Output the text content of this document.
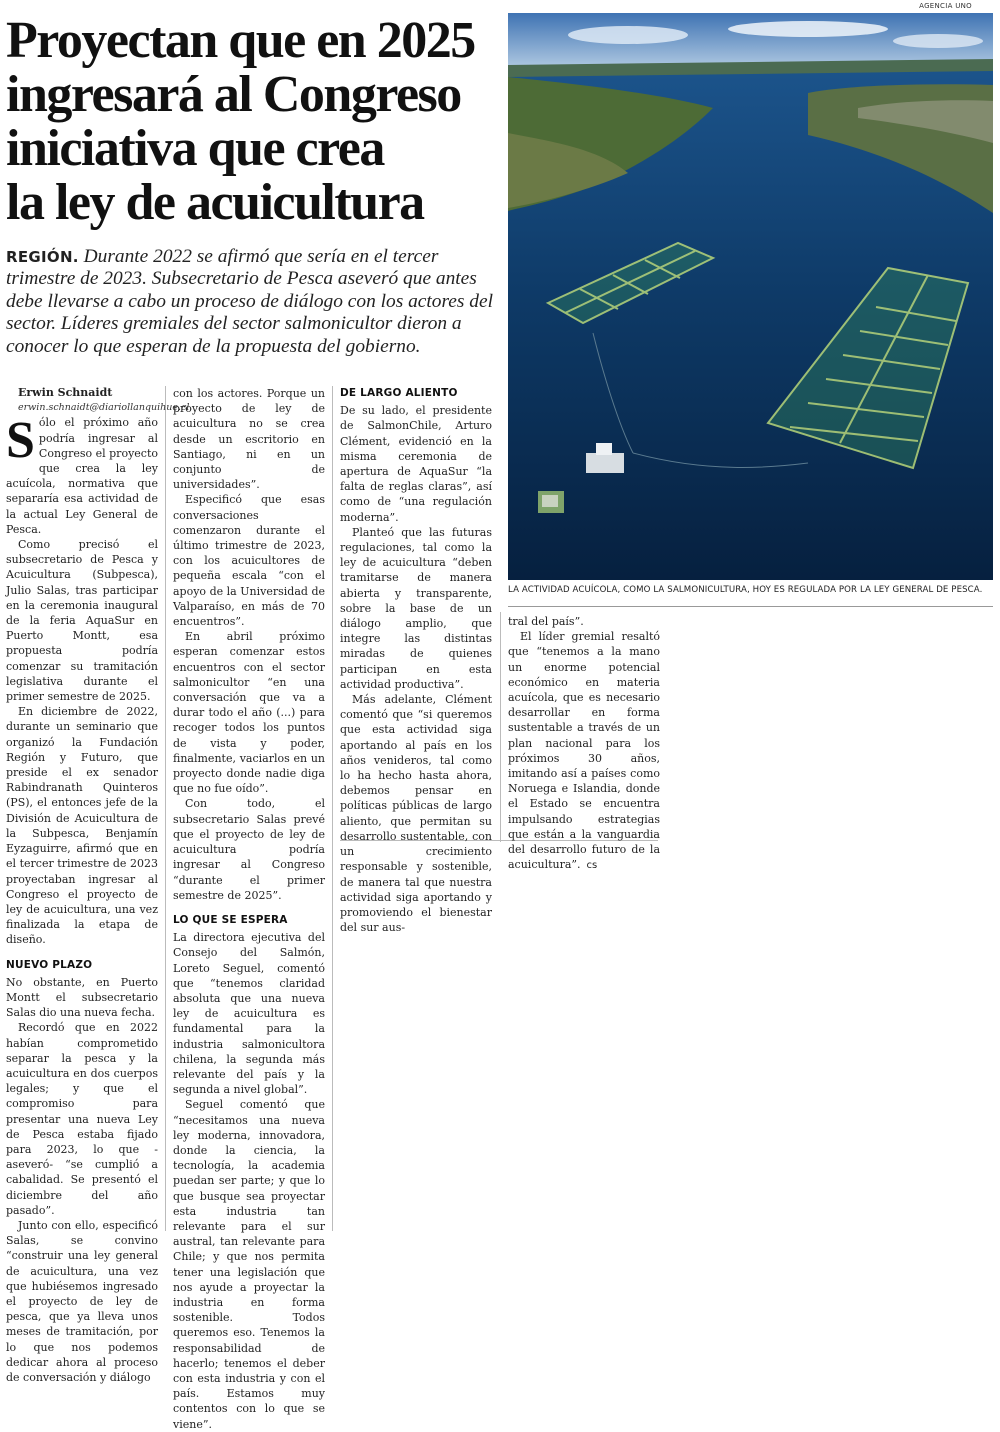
Proyectan que en 2025
ingresará al Congreso
iniciativa que crea
la ley de acuicultura

REGIÓN. Durante 2022 se afirmó que sería en el tercer trimestre de 2023. Subsecretario de Pesca aseveró que antes debe llevarse a cabo un proceso de diálogo con los actores del sector. Líderes gremiales del sector salmonicultor dieron a conocer lo que esperan de la propuesta del gobierno.

AGENCIA UNO
LA ACTIVIDAD ACUÍCOLA, COMO LA SALMONICULTURA, HOY ES REGULADA POR LA LEY GENERAL DE PESCA.

Erwin Schnaidt

erwin.schnaidt@diariollanquihue.cl

Sólo el próximo año podría ingresar al Congreso el proyecto que crea la ley acuícola, normativa que separaría esa actividad de la actual Ley General de Pesca.

Como precisó el subsecretario de Pesca y Acuicultura (Subpesca), Julio Salas, tras participar en la ceremonia inaugural de la feria AquaSur en Puerto Montt, esa propuesta podría comenzar su tramitación legislativa durante el primer semestre de 2025.

En diciembre de 2022, durante un seminario que organizó la Fundación Región y Futuro, que preside el ex senador Rabindranath Quinteros (PS), el entonces jefe de la División de Acuicultura de la Subpesca, Benjamín Eyzaguirre, afirmó que en el tercer trimestre de 2023 proyectaban ingresar al Congreso el proyecto de ley de acuicultura, una vez finalizada la etapa de diseño.

NUEVO PLAZO

No obstante, en Puerto Montt el subsecretario Salas dio una nueva fecha.

Recordó que en 2022 habían comprometido separar la pesca y la acuicultura en dos cuerpos legales; y que el compromiso para presentar una nueva Ley de Pesca estaba fijado para 2023, lo que -aseveró- “se cumplió a cabalidad. Se presentó el diciembre del año pasado”.

Junto con ello, especificó Salas, se convino “construir una ley general de acuicultura, una vez que hubiésemos ingresado el proyecto de ley de pesca, que ya lleva unos meses de tramitación, por lo que nos podemos dedicar ahora al proceso de conversación y diálogo

con los actores. Porque un proyecto de ley de acuicultura no se crea desde un escritorio en Santiago, ni en un conjunto de universidades”.

Especificó que esas conversaciones comenzaron durante el último trimestre de 2023, con los acuicultores de pequeña escala “con el apoyo de la Universidad de Valparaíso, en más de 70 encuentros”.

En abril próximo esperan comenzar estos encuentros con el sector salmonicultor “en una conversación que va a durar todo el año (...) para recoger todos los puntos de vista y poder, finalmente, vaciarlos en un proyecto donde nadie diga que no fue oído”.

Con todo, el subsecretario Salas prevé que el proyecto de ley de acuicultura podría ingresar al Congreso “durante el primer semestre de 2025”.

LO QUE SE ESPERA

La directora ejecutiva del Consejo del Salmón, Loreto Seguel, comentó que “tenemos claridad absoluta que una nueva ley de acuicultura es fundamental para la industria salmonicultora chilena, la segunda más relevante del país y la segunda a nivel global”.

Seguel comentó que “necesitamos una nueva ley moderna, innovadora, donde la ciencia, la tecnología, la academia puedan ser parte; y que lo que busque sea proyectar esta industria tan relevante para el sur austral, tan relevante para Chile; y que nos permita tener una legislación que nos ayude a proyectar la industria en forma sostenible. Todos queremos eso. Tenemos la responsabilidad de hacerlo; tenemos el deber con esta industria y con el país. Estamos muy contentos con lo que se viene”.

DE LARGO ALIENTO

De su lado, el presidente de SalmonChile, Arturo Clément, evidenció en la misma ceremonia de apertura de AquaSur “la falta de reglas claras”, así como de “una regulación moderna”.

Planteó que las futuras regulaciones, tal como la ley de acuicultura “deben tramitarse de manera abierta y transparente, sobre la base de un diálogo amplio, que integre las distintas miradas de quienes participan en esta actividad productiva”.

Más adelante, Clément comentó que “si queremos que esta actividad siga aportando al país en los años venideros, tal como lo ha hecho hasta ahora, debemos pensar en políticas públicas de largo aliento, que permitan su desarrollo sustentable, con un crecimiento responsable y sostenible, de manera tal que nuestra actividad siga aportando y promoviendo el bienestar del sur aus-

tral del país”.

El líder gremial resaltó que “tenemos a la mano un enorme potencial económico en materia acuícola, que es necesario desarrollar en forma sustentable a través de un plan nacional para los próximos 30 años, imitando así a países como Noruega e Islandia, donde el Estado se encuentra impulsando estrategias que están a la vanguardia del desarrollo futuro de la acuicultura”. cs
